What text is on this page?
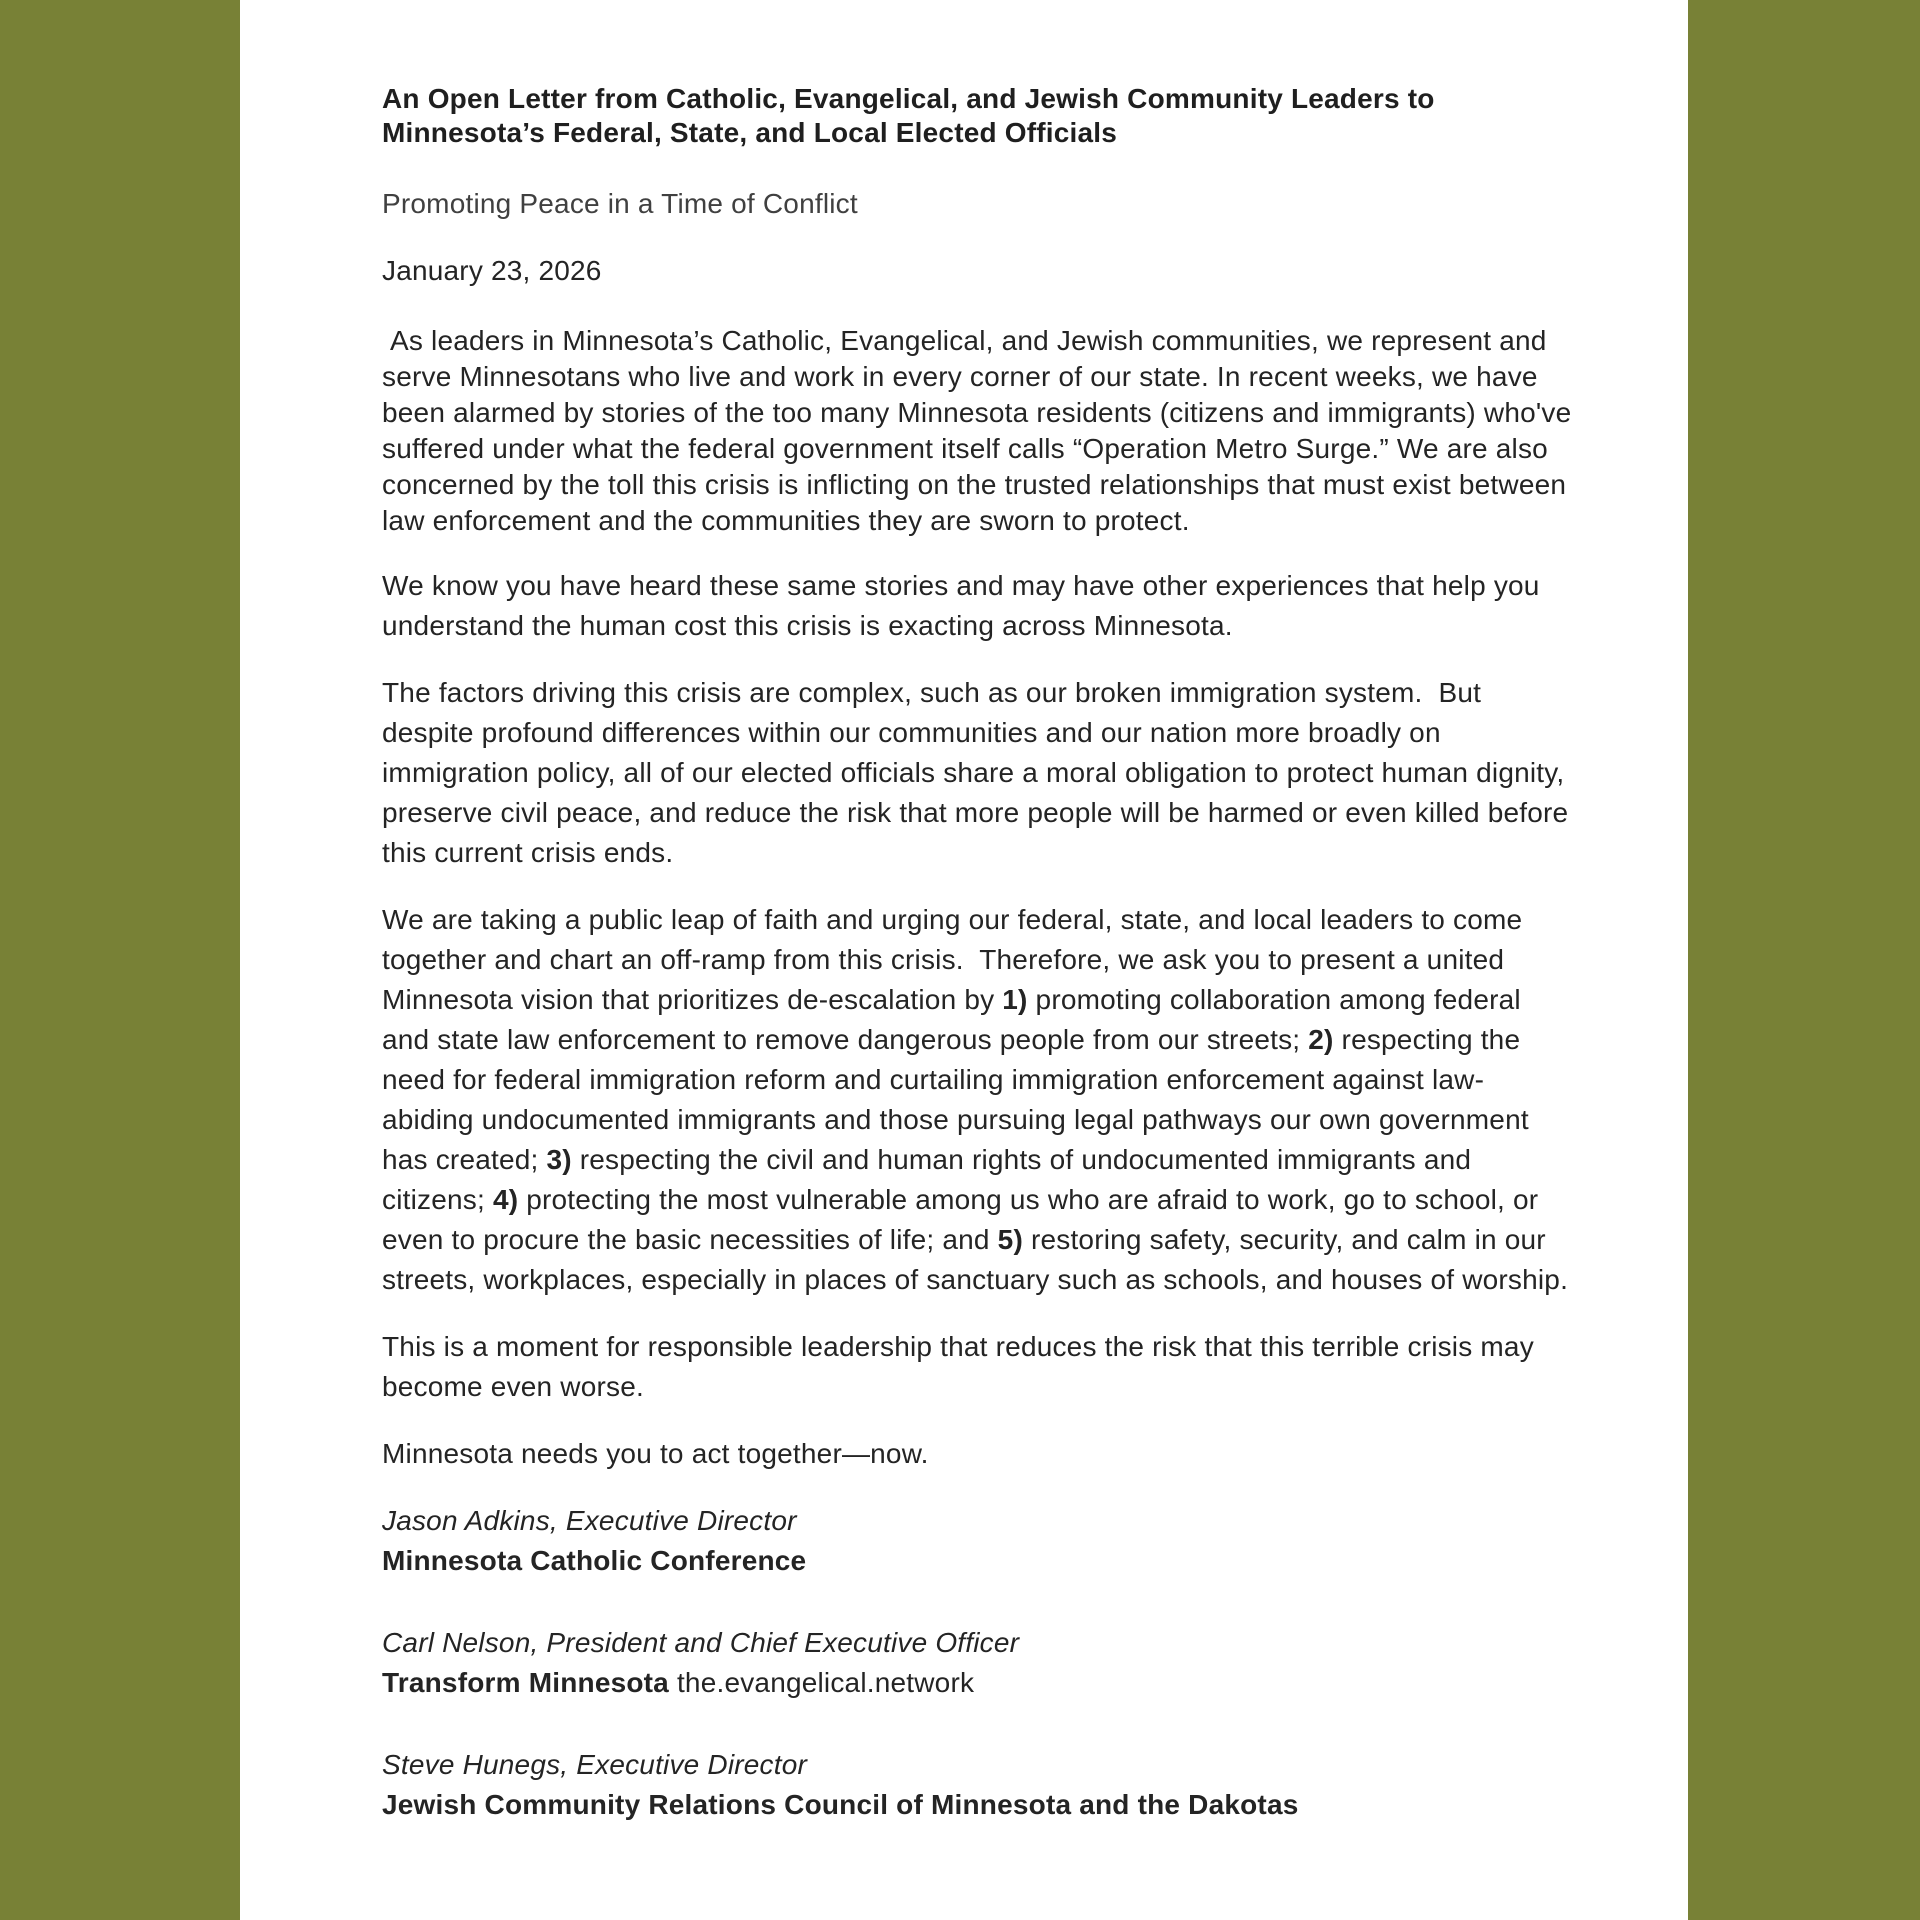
An Open Letter from Catholic, Evangelical, and Jewish Community Leaders to Minnesota’s Federal, State, and Local Elected Officials

Promoting Peace in a Time of Conflict

January 23, 2026

As leaders in Minnesota’s Catholic, Evangelical, and Jewish communities, we represent and serve Minnesotans who live and work in every corner of our state. In recent weeks, we have been alarmed by stories of the too many Minnesota residents (citizens and immigrants) who've suffered under what the federal government itself calls “Operation Metro Surge.” We are also concerned by the toll this crisis is inflicting on the trusted relationships that must exist between law enforcement and the communities they are sworn to protect.

We know you have heard these same stories and may have other experiences that help you understand the human cost this crisis is exacting across Minnesota.

The factors driving this crisis are complex, such as our broken immigration system.  But despite profound differences within our communities and our nation more broadly on immigration policy, all of our elected officials share a moral obligation to protect human dignity, preserve civil peace, and reduce the risk that more people will be harmed or even killed before this current crisis ends.

We are taking a public leap of faith and urging our federal, state, and local leaders to come together and chart an off-ramp from this crisis.  Therefore, we ask you to present a united Minnesota vision that prioritizes de-escalation by 1) promoting collaboration among federal and state law enforcement to remove dangerous people from our streets; 2) respecting the need for federal immigration reform and curtailing immigration enforcement against law-abiding undocumented immigrants and those pursuing legal pathways our own government has created; 3) respecting the civil and human rights of undocumented immigrants and citizens; 4) protecting the most vulnerable among us who are afraid to work, go to school, or even to procure the basic necessities of life; and 5) restoring safety, security, and calm in our streets, workplaces, especially in places of sanctuary such as schools, and houses of worship.

This is a moment for responsible leadership that reduces the risk that this terrible crisis may become even worse.

Minnesota needs you to act together—now.

Jason Adkins, Executive Director
Minnesota Catholic Conference
Carl Nelson, President and Chief Executive Officer
Transform Minnesota the.evangelical.network
Steve Hunegs, Executive Director
Jewish Community Relations Council of Minnesota and the Dakotas
